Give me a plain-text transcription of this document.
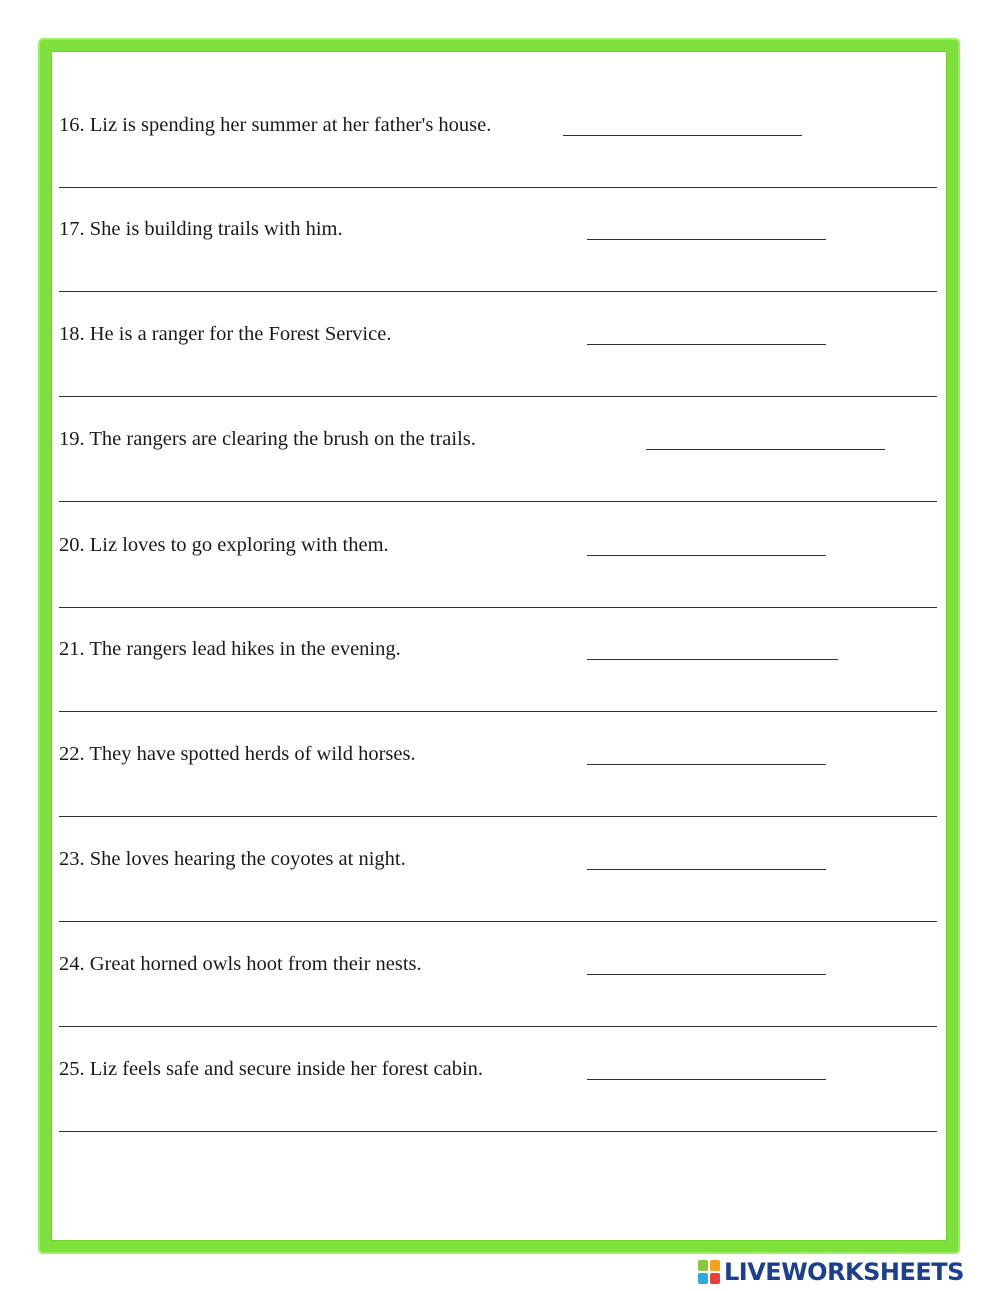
16. Liz is spending her summer at her father's house.
17. She is building trails with him.
18. He is a ranger for the Forest Service.
19. The rangers are clearing the brush on the trails.
20. Liz loves to go exploring with them.
21. The rangers lead hikes in the evening.
22. They have spotted herds of wild horses.
23. She loves hearing the coyotes at night.
24. Great horned owls hoot from their nests.
25. Liz feels safe and secure inside her forest cabin.
LIVEWORKSHEETS
